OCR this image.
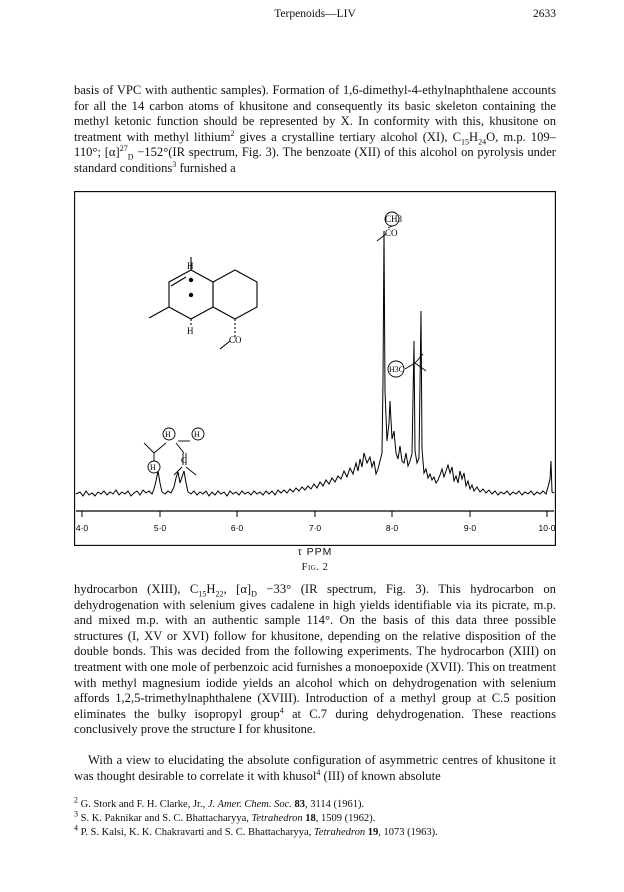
Terpenoids—LIV	2633

basis of VPC with authentic samples). Formation of 1,6-dimethyl-4-ethylnaphthalene accounts for all the 14 carbon atoms of khusitone and consequently its basic skeleton containing the methyl ketonic function should be represented by X. In conformity with this, khusitone on treatment with methyl lithium$^2$ gives a crystalline tertiary alcohol (XI), $C_{15}H_{24}O$, m.p. 109–110°; $[\alpha]^{27}_D -152^\circ(IR$ spectrum, Fig. 3). The benzoate (XII) of this alcohol on pyrolysis under standard conditions$^3$ furnished a

CH3
CO
H
H
CO
H3C
H	H
H
C
4·0	5·0	6·0	7·0	8·0	9·0	10·0
τ PPM
Fig. 2

hydrocarbon (XIII), $C_{15}H_{22}$, $[\alpha]_D -33^\circ$ (IR spectrum, Fig. 3). This hydrocarbon on dehydrogenation with selenium gives cadalene in high yields identifiable via its picrate, m.p. and mixed m.p. with an authentic sample 114°. On the basis of this data three possible structures (I, XV or XVI) follow for khusitone, depending on the relative disposition of the double bonds. This was decided from the following experiments. The hydrocarbon (XIII) on treatment with one mole of perbenzoic acid furnishes a monoepoxide (XVII). This on treatment with methyl magnesium iodide yields an alcohol which on dehydrogenation with selenium affords 1,2,5-trimethylnaphthalene (XVIII). Introduction of a methyl group at C.5 position eliminates the bulky isopropyl group$^4$ at C.7 during dehydrogenation. These reactions conclusively prove the structure I for khusitone.

With a view to elucidating the absolute configuration of asymmetric centres of khusitone it was thought desirable to correlate it with khusol$^4$ (III) of known absolute

$^2$ G. Stork and F. H. Clarke, Jr., J. Amer. Chem. Soc. 83, 3114 (1961).
$^3$ S. K. Paknikar and S. C. Bhattacharyya, Tetrahedron 18, 1509 (1962).
$^4$ P. S. Kalsi, K. K. Chakravarti and S. C. Bhattacharyya, Tetrahedron 19, 1073 (1963).
